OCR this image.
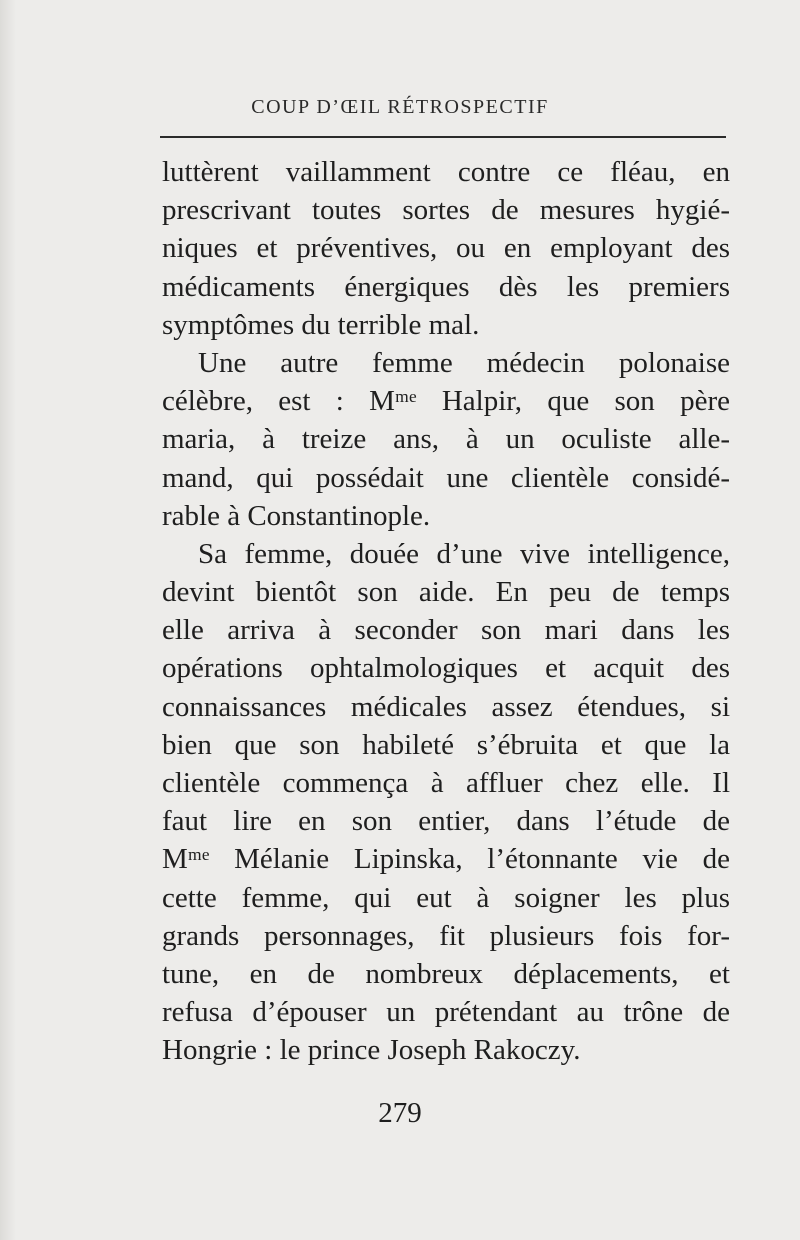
COUP D’ŒIL RÉTROSPECTIF
luttèrent vaillamment contre ce fléau, en
prescrivant toutes sortes de mesures hygié-
niques et préventives, ou en employant des
médicaments énergiques dès les premiers
symptômes du terrible mal.
Une autre femme médecin polonaise
célèbre, est : Mᵐᵉ Halpir, que son père
maria, à treize ans, à un oculiste alle-
mand, qui possédait une clientèle considé-
rable à Constantinople.
Sa femme, douée d’une vive intelligence,
devint bientôt son aide. En peu de temps
elle arriva à seconder son mari dans les
opérations ophtalmologiques et acquit des
connaissances médicales assez étendues, si
bien que son habileté s’ébruita et que la
clientèle commença à affluer chez elle. Il
faut lire en son entier, dans l’étude de
Mᵐᵉ Mélanie Lipinska, l’étonnante vie de
cette femme, qui eut à soigner les plus
grands personnages, fit plusieurs fois for-
tune, en de nombreux déplacements, et
refusa d’épouser un prétendant au trône de
Hongrie : le prince Joseph Rakoczy.
279
